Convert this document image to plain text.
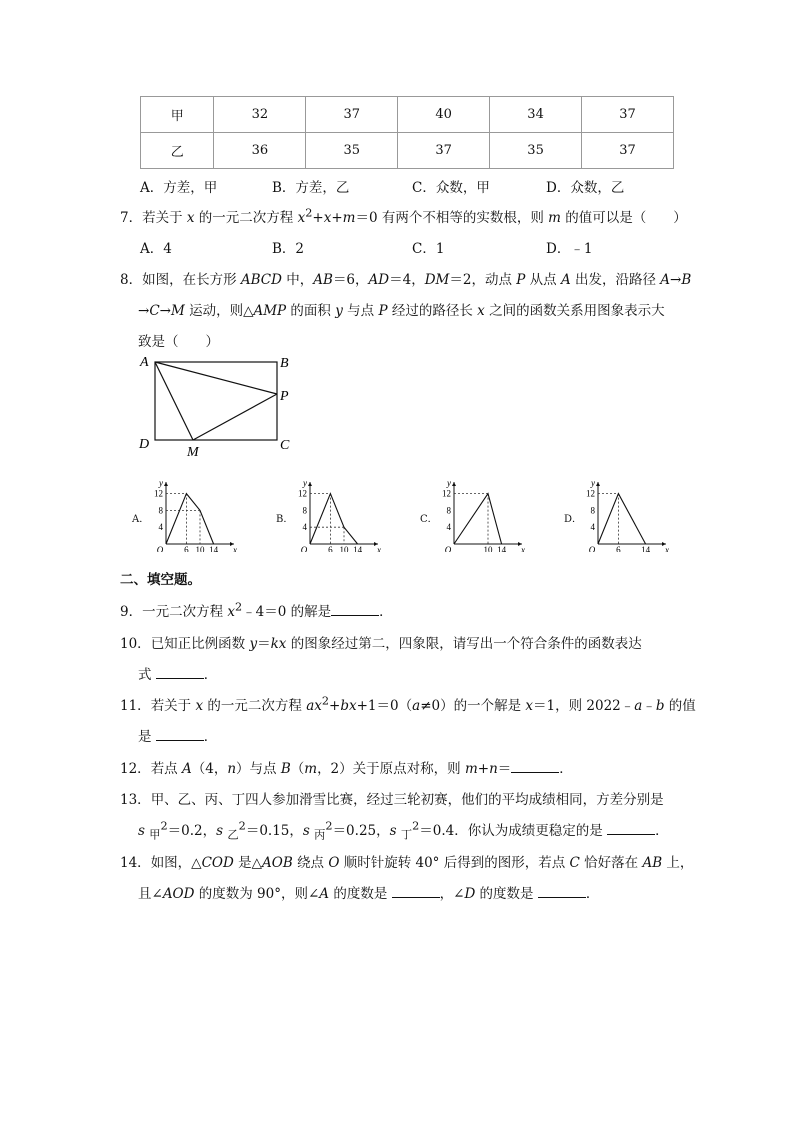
甲	32	37	40	34	37
乙	36	35	37	35	37
A．方差，甲	B．方差，乙	C．众数，甲	D．众数，乙
7．若关于 x 的一元二次方程 $x^2+x+m=0$ 有两个不相等的实数根，则 m 的值可以是（　　）
A．4	B．2	C．1	D．﹣1
8．如图，在长方形 ABCD 中，AB＝6，AD＝4，DM＝2，动点 P 从点 A 出发，沿路径 A→B
→C→M 运动，则△AMP 的面积 y 与点 P 经过的路径长 x 之间的函数关系用图象表示大
致是（　　）
A	B
P
C
D
M
A．	B．	C．	D．
x
y
O
12
8
4
6 10 14	x
y
O
12
8
4
6 10 14	x
y
O
12
8
4
10 14	x
y
O
12
8
4
6 14
二、填空题。
9．一元二次方程 $x^2﹣4=0$ 的解是	．
10．已知正比例函数 y＝kx 的图象经过第二，四象限，请写出一个符合条件的函数表达
式	．
11．若关于 x 的一元二次方程 $ax^2+bx+1=0(a\ne 0)$的一个解是 x＝1，则 2022﹣a﹣b 的值
是	．
12．若点 A（4，n）与点 B（m，2）关于原点对称，则 m+n＝	．
13．甲、乙、丙、丁四人参加滑雪比赛，经过三轮初赛，他们的平均成绩相同，方差分别是
s $_甲^2$＝0.2，s $_乙^2$＝0.15，s $_丙^2$＝0.25，s $_丁^2$＝0.4．你认为成绩更稳定的是	．
14．如图，△COD 是△AOB 绕点 O 顺时针旋转 40° 后得到的图形，若点 C 恰好落在 AB 上，
且∠AOD 的度数为 90°，则∠A 的度数是	，∠D 的度数是	．
